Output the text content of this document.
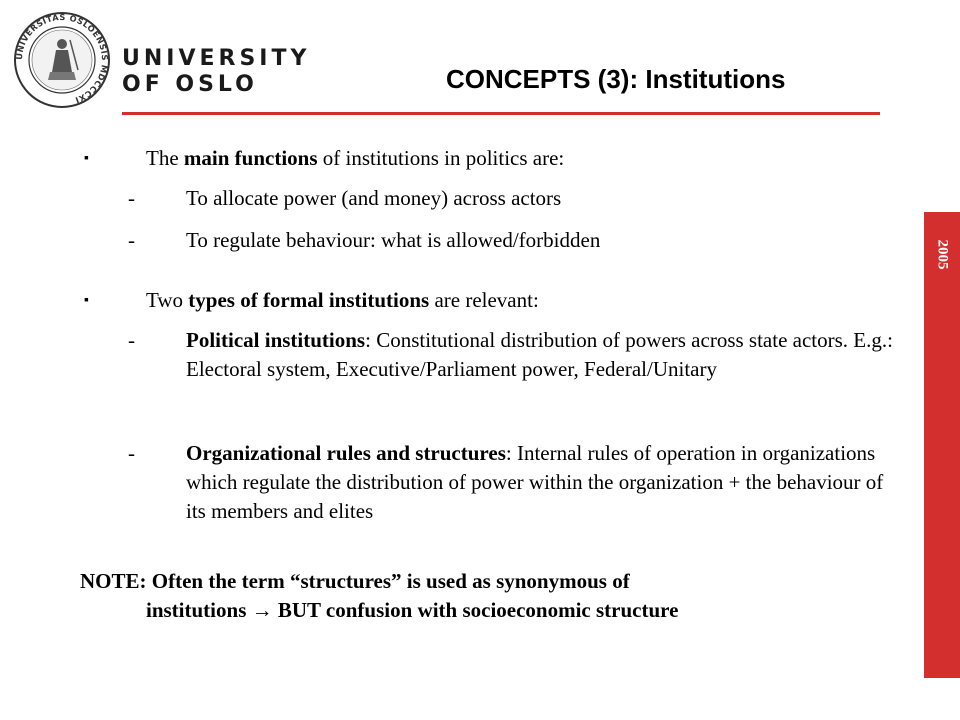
UNIVERSITAS OSLOENSIS MDCCCXI
UNIVERSITY
OF OSLO	CONCEPTS (3): Institutions
2005
▪	The main functions of institutions in politics are:
- To allocate power (and money) across actors
- To regulate behaviour: what is allowed/forbidden
▪	Two types of formal institutions are relevant:
- Political institutions: Constitutional distribution of powers across state actors. E.g.: Electoral system, Executive/Parliament power, Federal/Unitary
- Organizational rules and structures: Internal rules of operation in organizations which regulate the distribution of power within the organization + the behaviour of its members and elites
NOTE: Often the term “structures” is used as synonymous of
institutions → BUT confusion with socioeconomic structure
